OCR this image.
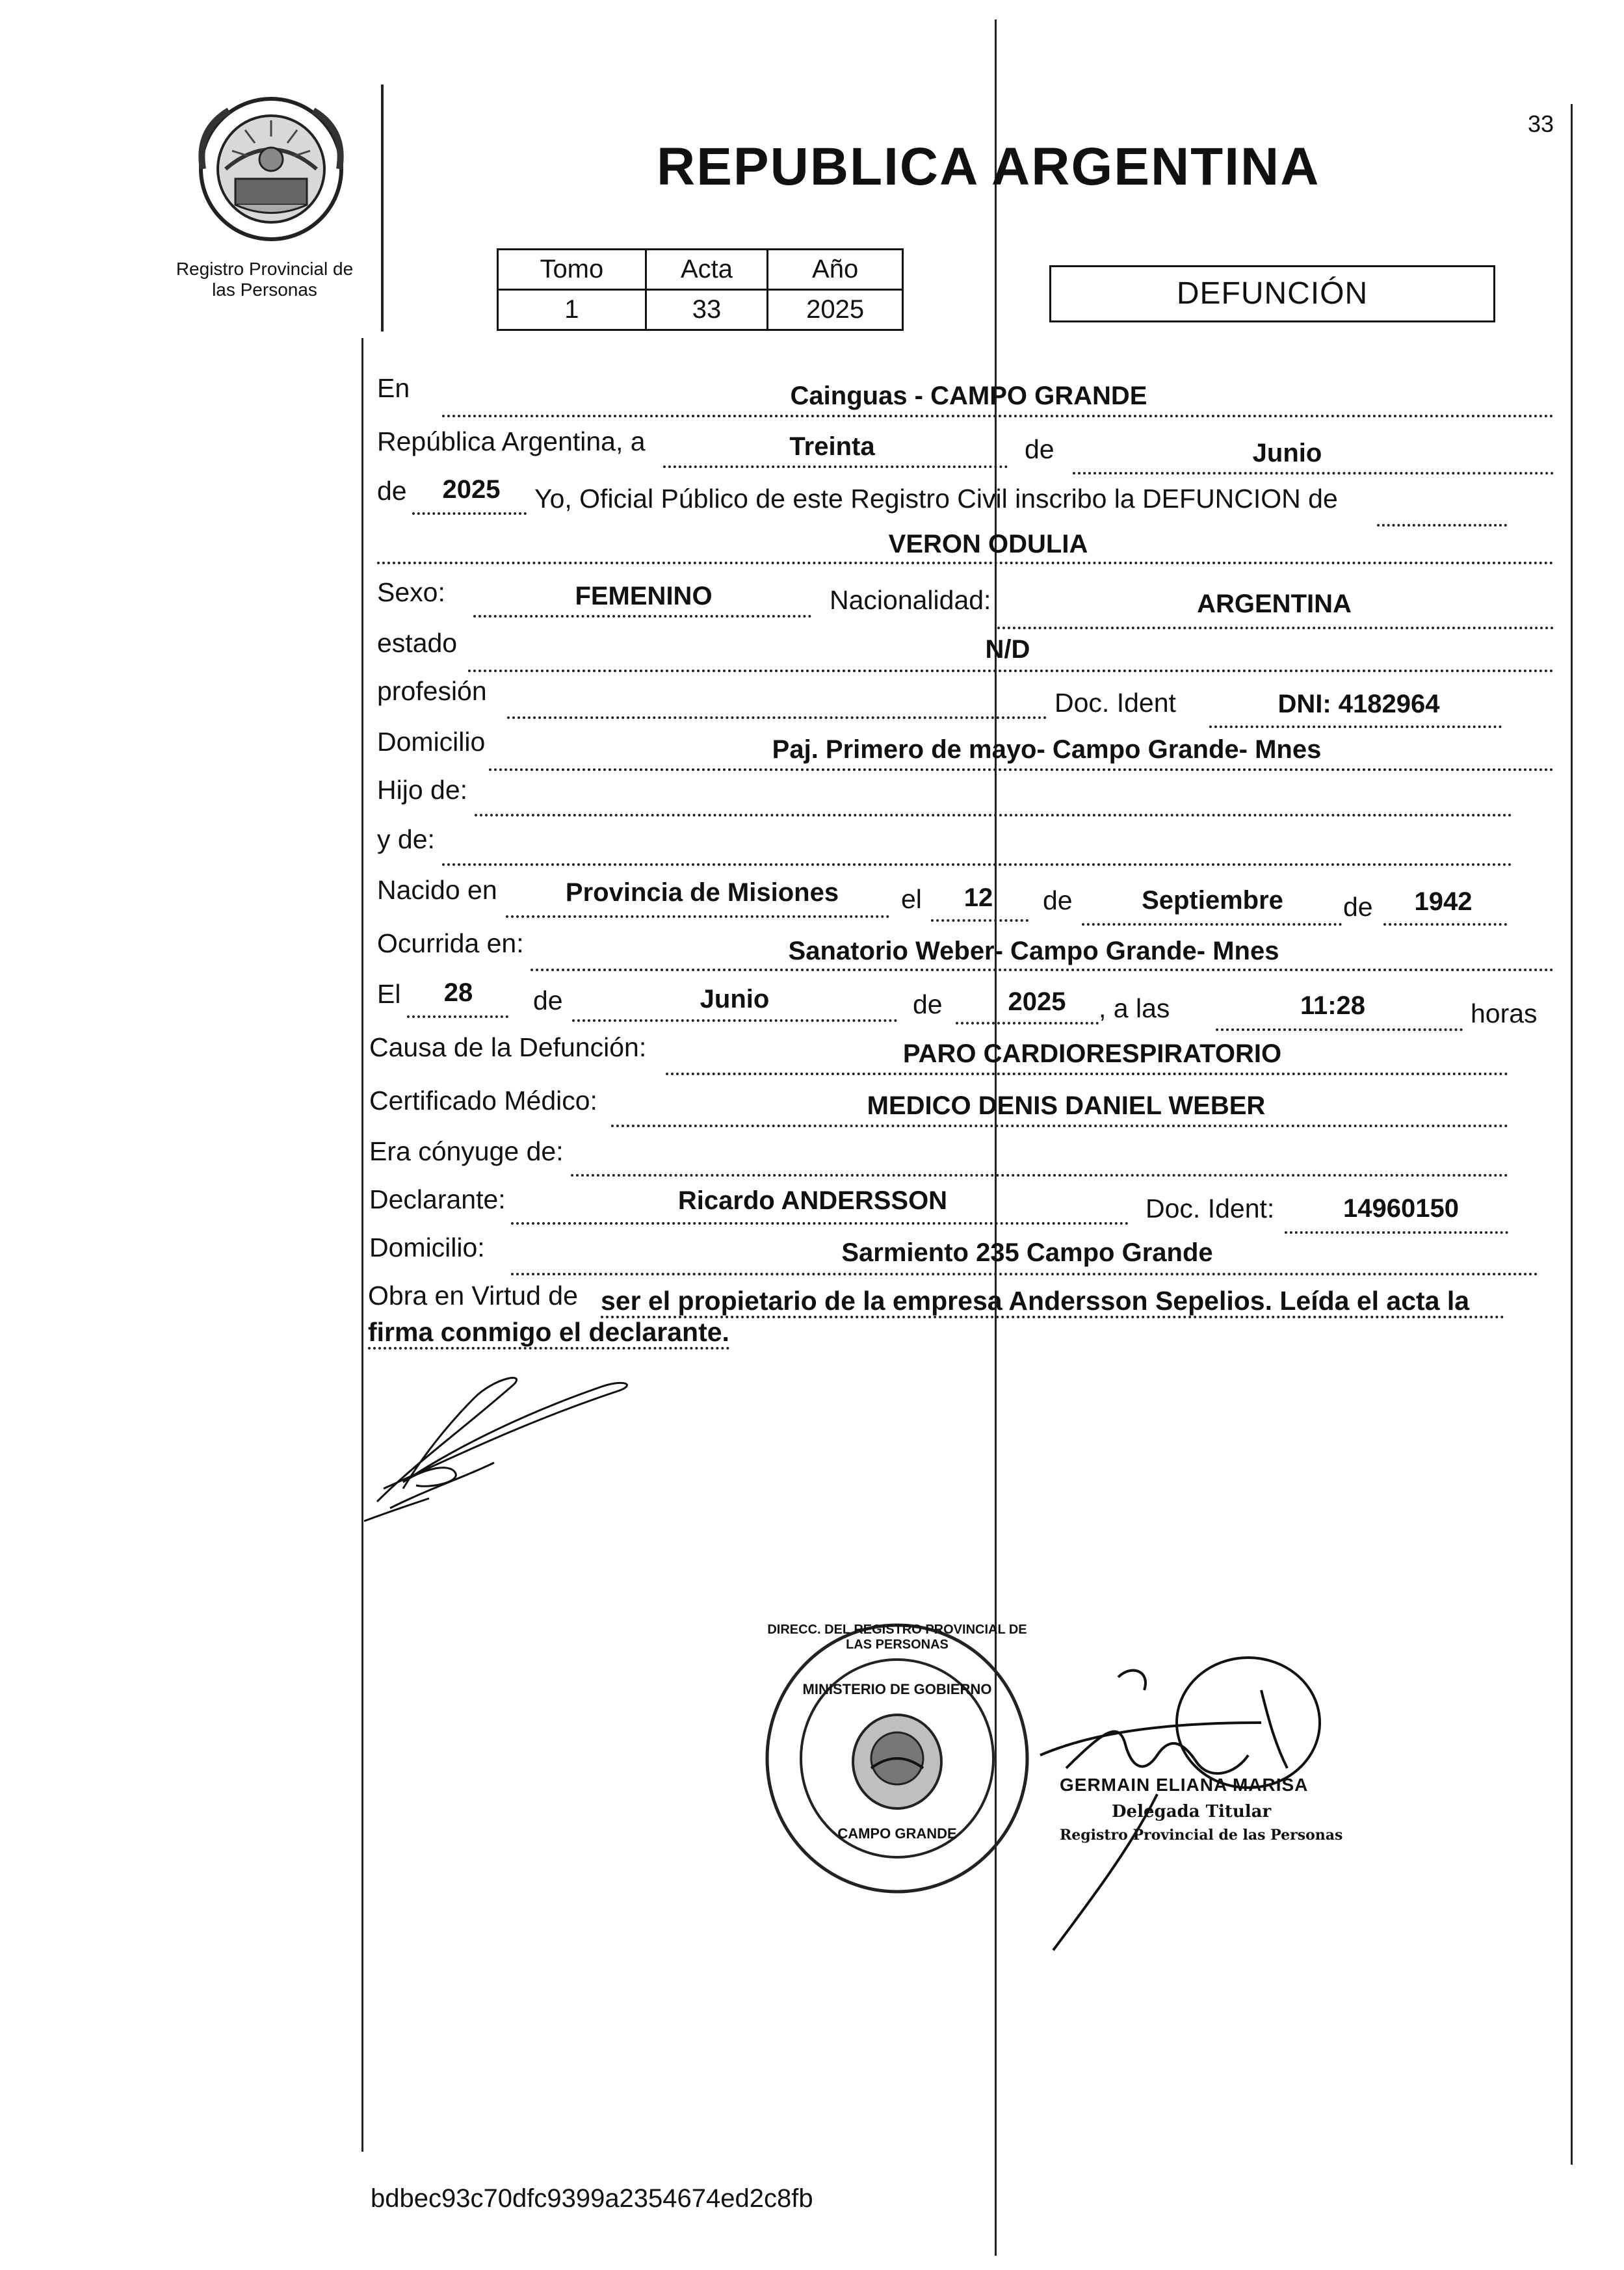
Registro Provincial de las Personas
33
REPUBLICA ARGENTINA
Tomo	Acta	Año
1	33	2025	DEFUNCIÓN
En	Cainguas - CAMPO GRANDE
República Argentina, a	Treinta	de	Junio
de	2025	Yo, Oficial Público de este Registro Civil inscribo la DEFUNCION de
VERON ODULIA
Sexo:	FEMENINO	Nacionalidad:	ARGENTINA
estado	N/D
profesión	Doc. Ident	DNI: 4182964
Domicilio	Paj. Primero de mayo- Campo Grande- Mnes
Hijo de:
y de:
Nacido en	Provincia de Misiones	el	12	de	Septiembre	de	1942
Ocurrida en:	Sanatorio Weber- Campo Grande- Mnes
El	28	de	Junio	de	2025	, a las	11:28	horas
Causa de la Defunción:	PARO CARDIORESPIRATORIO
Certificado Médico:	MEDICO DENIS DANIEL WEBER
Era cónyuge de:
Declarante:	Ricardo ANDERSSON	Doc. Ident:	14960150
Domicilio:	Sarmiento 235 Campo Grande
Obra en Virtud de ser el propietario de la empresa Andersson Sepelios. Leída el acta la
firma conmigo el declarante.
DIRECC. DEL REGISTRO PROVINCIAL DE LAS PERSONAS
MINISTERIO DE GOBIERNO
CAMPO GRANDE
GERMAIN ELIANA MARISA
Delegada Titular
Registro Provincial de las Personas
bdbec93c70dfc9399a2354674ed2c8fb
